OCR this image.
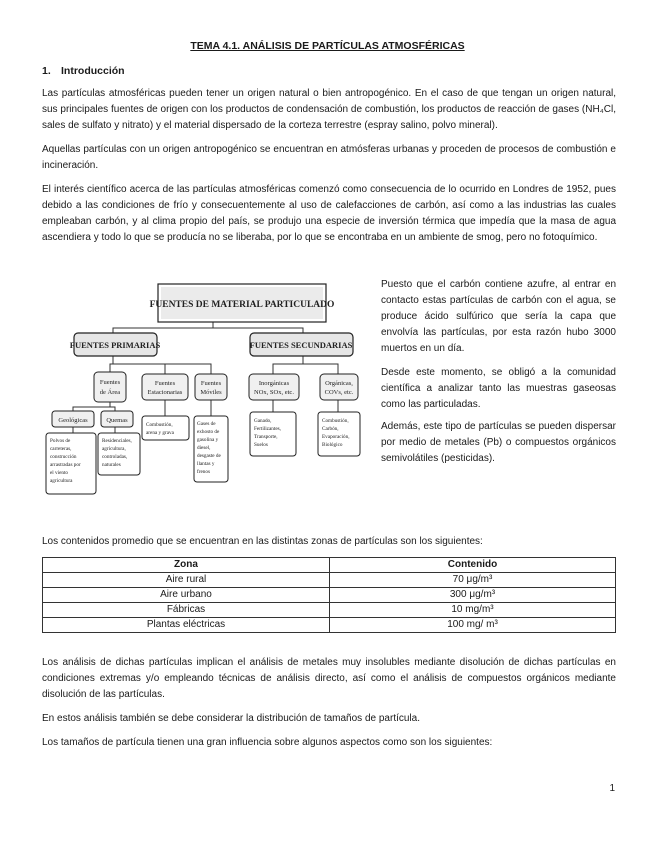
TEMA 4.1. ANÁLISIS DE PARTÍCULAS ATMOSFÉRICAS
1. Introducción

Las partículas atmosféricas pueden tener un origen natural o bien antropogénico. En el caso de que tengan un origen natural, sus principales fuentes de origen con los productos de condensación de combustión, los productos de reacción de gases (NH₄Cl, sales de sulfato y nitrato) y el material dispersado de la corteza terrestre (espray salino, polvo mineral).

Aquellas partículas con un origen antropogénico se encuentran en atmósferas urbanas y proceden de procesos de combustión e incineración.

El interés científico acerca de las partículas atmosféricas comenzó como consecuencia de lo ocurrido en Londres de 1952, pues debido a las condiciones de frío y consecuentemente al uso de calefacciones de carbón, así como a las industrias las cuales empleaban carbón, y al clima propio del país, se produjo una especie de inversión térmica que impedía que la masa de agua ascendiera y todo lo que se producía no se liberaba, por lo que se encontraba en un ambiente de smog, pero no fotoquímico.

FUENTES DE MATERIAL PARTICULADO
FUENTES PRIMARIAS	FUENTES SECUNDARIAS
Fuentes
de Área
Fuentes
Estacionarias
Fuentes
Móviles
Inorgánicas
NOx, SOx, etc.
Orgánicas,
COVs, etc.
Geológicas	Quemas
Polvos de
carreteras,
construcción
arrastradas por
el viento
agricultura
Residenciales,
agrícultura,
controladas,
naturales
Combustión,
arena y grava
Gases de
exhosto de
gasolina y
diesel,
desgaste de
llantas y
frenos
Ganado,
Fertilizantes,
Transporte,
Suelos
Combustión,
Carbón,
Evaporación,
Biológico

Puesto que el carbón contiene azufre, al entrar en contacto estas partículas de carbón con el agua, se produce ácido sulfúrico que sería la capa que envolvía las partículas, por esta razón hubo 3000 muertos en un día.

Desde este momento, se obligó a la comunidad científica a analizar tanto las muestras gaseosas como las particuladas.

Además, este tipo de partículas se pueden dispersar por medio de metales (Pb) o compuestos orgánicos semivolátiles (pesticidas).

Los contenidos promedio que se encuentran en las distintas zonas de partículas son los siguientes:

Zona	Contenido
Aire rural	70 μg/m³
Aire urbano	300 μg/m³
Fábricas	10 mg/m³
Plantas eléctricas	100 mg/ m³

Los análisis de dichas partículas implican el análisis de metales muy insolubles mediante disolución de dichas partículas en condiciones extremas y/o empleando técnicas de análisis directo, así como el análisis de compuestos orgánicos mediante disolución de las partículas.

En estos análisis también se debe considerar la distribución de tamaños de partícula.

Los tamaños de partícula tienen una gran influencia sobre algunos aspectos como son los siguientes:

1
